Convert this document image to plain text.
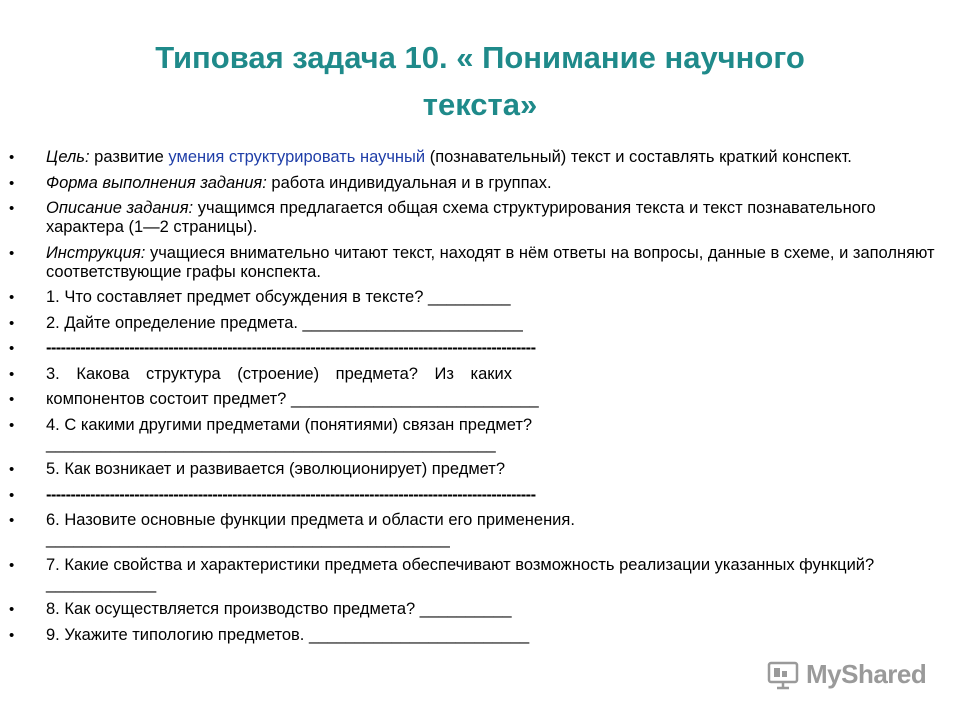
Типовая задача 10. « Понимание научного
текста»
• Цель: развитие умения структурировать научный (познавательный) текст и составлять краткий конспект.
• Форма выполнения задания: работа индивидуальная и в группах.
• Описание задания: учащимся предлагается общая схема структурирования текста и текст познавательного характера (1—2 страницы).
• Инструкция: учащиеся внимательно читают текст, находят в нём ответы на вопросы, данные в схеме, и заполняют соответствующие графы конспекта.
• 1. Что составляет предмет обсуждения в тексте? _________
• 2. Дайте определение предмета. ________________________
• ----------------------------------------------------------------------------------------------------
• 3. Какова структура (строение) предмета? Из каких
• компонентов состоит предмет? ___________________________
• 4. С какими другими предметами (понятиями) связан предмет?
_________________________________________________
• 5. Как возникает и развивается (эволюционирует) предмет?
• ----------------------------------------------------------------------------------------------------
• 6. Назовите основные функции предмета и области его применения.
____________________________________________
• 7. Какие свойства и характеристики предмета обеспечивают возможность реализации указанных функций? ____________
• 8. Как осуществляется производство предмета? __________
• 9. Укажите типологию предметов. ________________________
MyShared
